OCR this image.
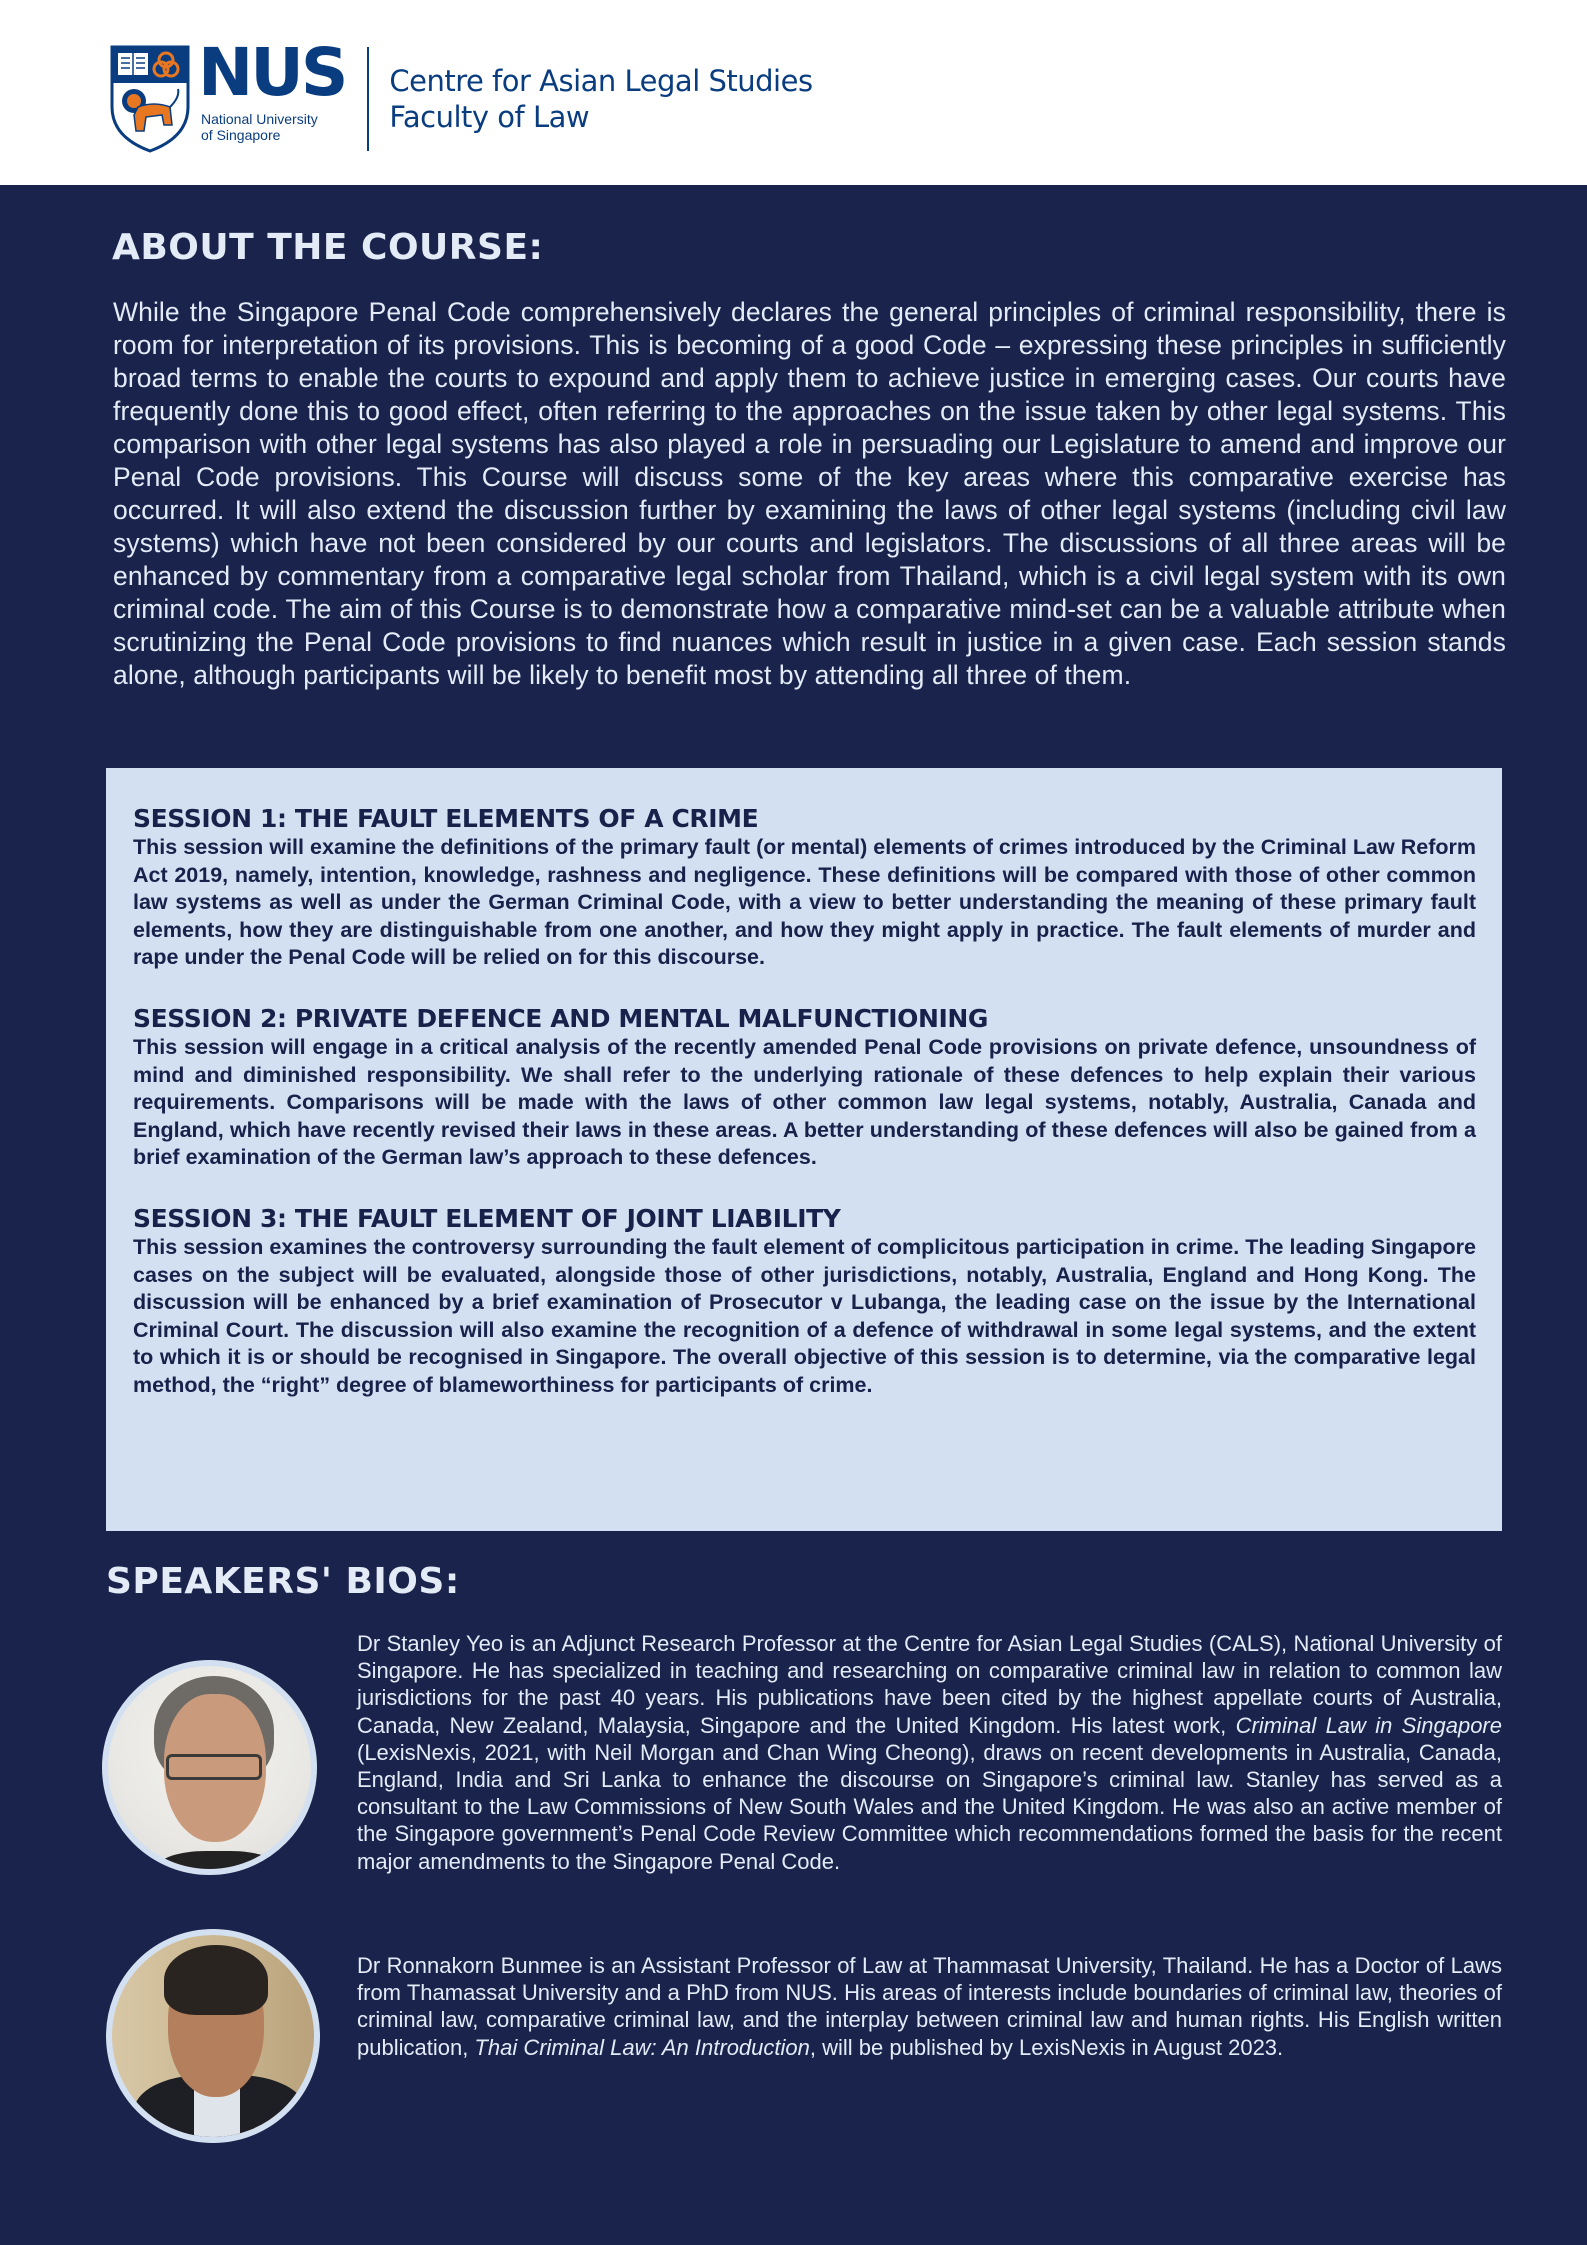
NUS
National University
of Singapore
Centre for Asian Legal Studies
Faculty of Law
ABOUT THE COURSE:

While the Singapore Penal Code comprehensively declares the general principles of criminal responsibility, there is room for interpretation of its provisions. This is becoming of a good Code – expressing these principles in sufficiently broad terms to enable the courts to expound and apply them to achieve justice in emerging cases. Our courts have frequently done this to good effect, often referring to the approaches on the issue taken by other legal systems. This comparison with other legal systems has also played a role in persuading our Legislature to amend and improve our Penal Code provisions. This Course will discuss some of the key areas where this comparative exercise has occurred. It will also extend the discussion further by examining the laws of other legal systems (including civil law systems) which have not been considered by our courts and legislators. The discussions of all three areas will be enhanced by commentary from a comparative legal scholar from Thailand, which is a civil legal system with its own criminal code. The aim of this Course is to demonstrate how a comparative mind-set can be a valuable attribute when scrutinizing the Penal Code provisions to find nuances which result in justice in a given case. Each session stands alone, although participants will be likely to benefit most by attending all three of them.

SESSION 1: THE FAULT ELEMENTS OF A CRIME

This session will examine the definitions of the primary fault (or mental) elements of crimes introduced by the Criminal Law Reform Act 2019, namely, intention, knowledge, rashness and negligence. These definitions will be compared with those of other common law systems as well as under the German Criminal Code, with a view to better understanding the meaning of these primary fault elements, how they are distinguishable from one another, and how they might apply in practice. The fault elements of murder and rape under the Penal Code will be relied on for this discourse.

SESSION 2: PRIVATE DEFENCE AND MENTAL MALFUNCTIONING

This session will engage in a critical analysis of the recently amended Penal Code provisions on private defence, unsoundness of mind and diminished responsibility. We shall refer to the underlying rationale of these defences to help explain their various requirements. Comparisons will be made with the laws of other common law legal systems, notably, Australia, Canada and England, which have recently revised their laws in these areas. A better understanding of these defences will also be gained from a brief examination of the German law’s approach to these defences.

SESSION 3: THE FAULT ELEMENT OF JOINT LIABILITY

This session examines the controversy surrounding the fault element of complicitous participation in crime. The leading Singapore cases on the subject will be evaluated, alongside those of other jurisdictions, notably, Australia, England and Hong Kong. The discussion will be enhanced by a brief examination of Prosecutor v Lubanga, the leading case on the issue by the International Criminal Court. The discussion will also examine the recognition of a defence of withdrawal in some legal systems, and the extent to which it is or should be recognised in Singapore. The overall objective of this session is to determine, via the comparative legal method, the “right” degree of blameworthiness for participants of crime.

SPEAKERS' BIOS:

Dr Stanley Yeo is an Adjunct Research Professor at the Centre for Asian Legal Studies (CALS), National University of Singapore. He has specialized in teaching and researching on comparative criminal law in relation to common law jurisdictions for the past 40 years. His publications have been cited by the highest appellate courts of Australia, Canada, New Zealand, Malaysia, Singapore and the United Kingdom. His latest work, Criminal Law in Singapore (LexisNexis, 2021, with Neil Morgan and Chan Wing Cheong), draws on recent developments in Australia, Canada, England, India and Sri Lanka to enhance the discourse on Singapore’s criminal law. Stanley has served as a consultant to the Law Commissions of New South Wales and the United Kingdom. He was also an active member of the Singapore government’s Penal Code Review Committee which recommendations formed the basis for the recent major amendments to the Singapore Penal Code.

Dr Ronnakorn Bunmee is an Assistant Professor of Law at Thammasat University, Thailand. He has a Doctor of Laws from Thamassat University and a PhD from NUS. His areas of interests include boundaries of criminal law, theories of criminal law, comparative criminal law, and the interplay between criminal law and human rights. His English written publication, Thai Criminal Law: An Introduction, will be published by LexisNexis in August 2023.
